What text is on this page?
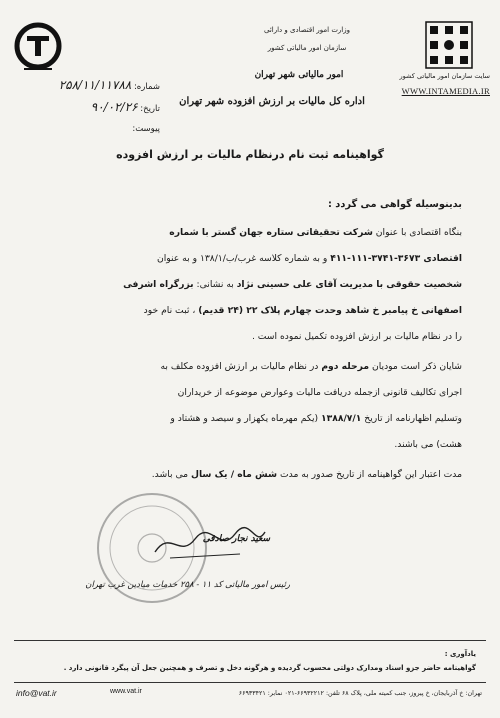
وزارت امور اقتصادی و دارائی
سازمان امور مالیاتی کشور
امور مالیاتی شهر تهران
اداره کل مالیات بر ارزش افزوده شهر تهران
سایت سازمان امور مالیاتی کشور
WWW.INTAMEDIA.IR
شماره: ۲۵۸/۱۱/۱۱۷۸۸
تاریخ: ۹۰/۰۲/۲۶
پیوست:
گواهینامه ثبت نام درنظام مالیات بر ارزش افزوده
بدینوسیله گواهی می گردد :
بنگاه اقتصادی با عنوان شرکت تحقیقاتی ستاره جهان گستر با شماره
اقتصادی ۳۶۷۳-۳۷۴۱-۱۱۱-۴۱۱ و به شماره کلاسه غرب/ب/۱۳۸/۱ و به عنوان
شخصیت حقوقی با مدیریت آقای علی حسینی نژاد به نشانی: بزرگراه اشرفی
اصفهانی خ پیامبر خ شاهد وحدت چهارم پلاک ۲۲ (۲۴ قدیم) ، ثبت نام خود
را در نظام مالیات بر ارزش افزوده تکمیل نموده است .
شایان ذکر است مودیان مرحله دوم در نظام مالیات بر ارزش افزوده مکلف به
اجرای تکالیف قانونی ازجمله دریافت مالیات وعوارض موضوعه از خریداران
وتسلیم اظهارنامه از تاریخ ۱۳۸۸/۷/۱ (یکم مهرماه یکهزار و سیصد و هشتاد و
هشت) می باشند.
مدت اعتبار این گواهینامه از تاریخ صدور به مدت شش ماه / یک سال می باشد.
سعید نجار صادقی
رئیس امور مالیاتی کد ۱۱ - ۲۵۸ خدمات میادین غرب تهران
یادآوری :
گواهینامه حاضر جزو اسناد ومدارک دولتی محسوب گردیده و هرگونه دخل و تصرف و همچنین جعل آن پیگرد قانونی دارد .
info@vat.ir	www.vat.ir	تهران: خ آذربایجان، خ پیروز، جنب کمیته ملی، پلاک ۶۸ تلفن: ۶۶۹۳۲۲۱۲-۰۲۱ نمابر: ۶۶۹۳۳۴۲۱
